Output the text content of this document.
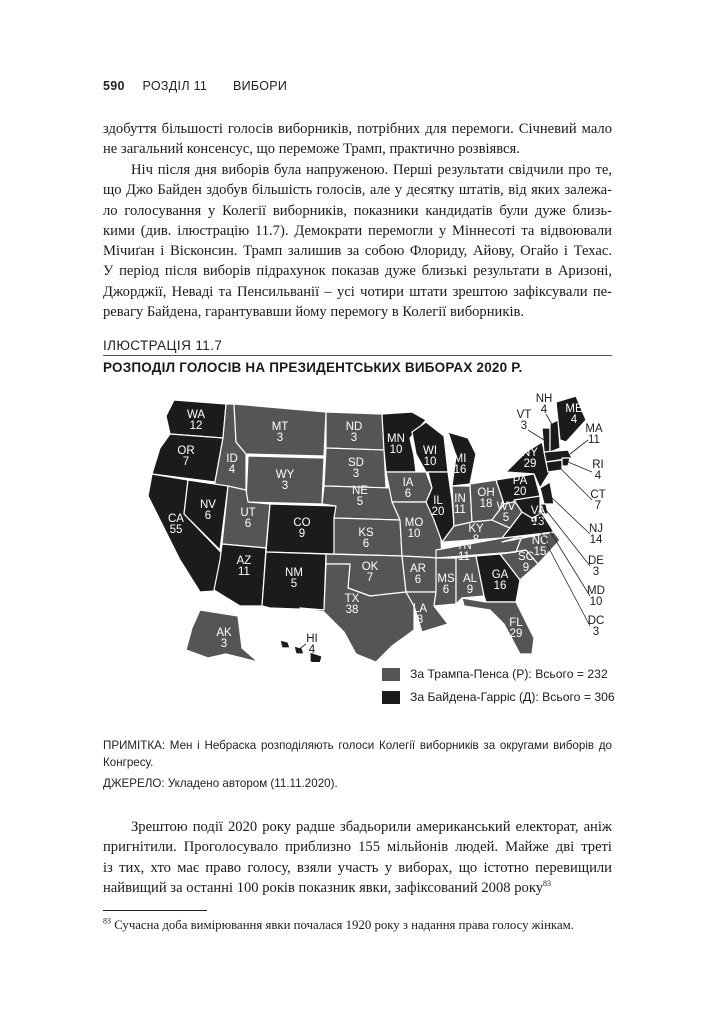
590 РОЗДІЛ 11 ВИБОРИ

здобуття більшості голосів виборників, потрібних для перемоги. Січневий мало
не загальний консенсус, що переможе Трамп, практично розвіявся.

Ніч після дня виборів була напруженою. Перші результати свідчили про те,
що Джо Байден здобув більшість голосів, але у десятку штатів, від яких залежа-
ло голосування у Колегії виборників, показники кандидатів були дуже близь-
кими (див. ілюстрацію 11.7). Демократи перемогли у Міннесоті та відвоювали
Мічиґан і Вісконсин. Трамп залишив за собою Флориду, Айову, Огайо і Техас.
У період після виборів підрахунок показав дуже близькі результати в Аризоні,
Джорджії, Неваді та Пенсильванії – усі чотири штати зрештою зафіксували пе-
ревагу Байдена, гарантувавши йому перемогу в Колегії виборників.

ІЛЮСТРАЦІЯ 11.7
РОЗПОДІЛ ГОЛОСІВ НА ПРЕЗИДЕНТСЬКИХ ВИБОРАХ 2020 Р.
WA 12
OR 7
CA 55
ID 4
NV 6
MT 3
WY 3
UT 6
AZ 11
CO 9
NM 5
ND 3
SD 3
NE 5
KS 6
OK 7
TX 38
MN 10
IA 6
MO 10
AR 6
LA 8
WI 10
IL 20
MI 16
IN 11
OH 18
KY 8
TN 11
MS 6
AL 9
GA 16
FL 29
SC 9
NC 15
VA 13
WV 5
PA 20
NY 29
VT 3
NH 4	ME 4
MA 11
RI 4
CT 7
NJ 14
DE 3
MD 10
DC 3
AK 3	HI 4
За Трампа-Пенса (Р): Всього = 232
За Байдена-Гарріс (Д): Всього = 306
ПРИМІТКА: Мен і Небраска розподіляють голоси Колегії виборників за округами виборів до
Конгресу.
ДЖЕРЕЛО: Укладено автором (11.11.2020).

Зрештою події 2020 року радше збадьорили американський електорат, аніж
пригнітили. Проголосувало приблизно 155 мільйонів людей. Майже дві треті
із тих, хто має право голосу, взяли участь у виборах, що істотно перевищили
найвищий за останні 100 років показник явки, зафіксований 2008 року$^{83}$

$^{83}$ Сучасна доба вимірювання явки почалася 1920 року з надання права голосу жінкам.
